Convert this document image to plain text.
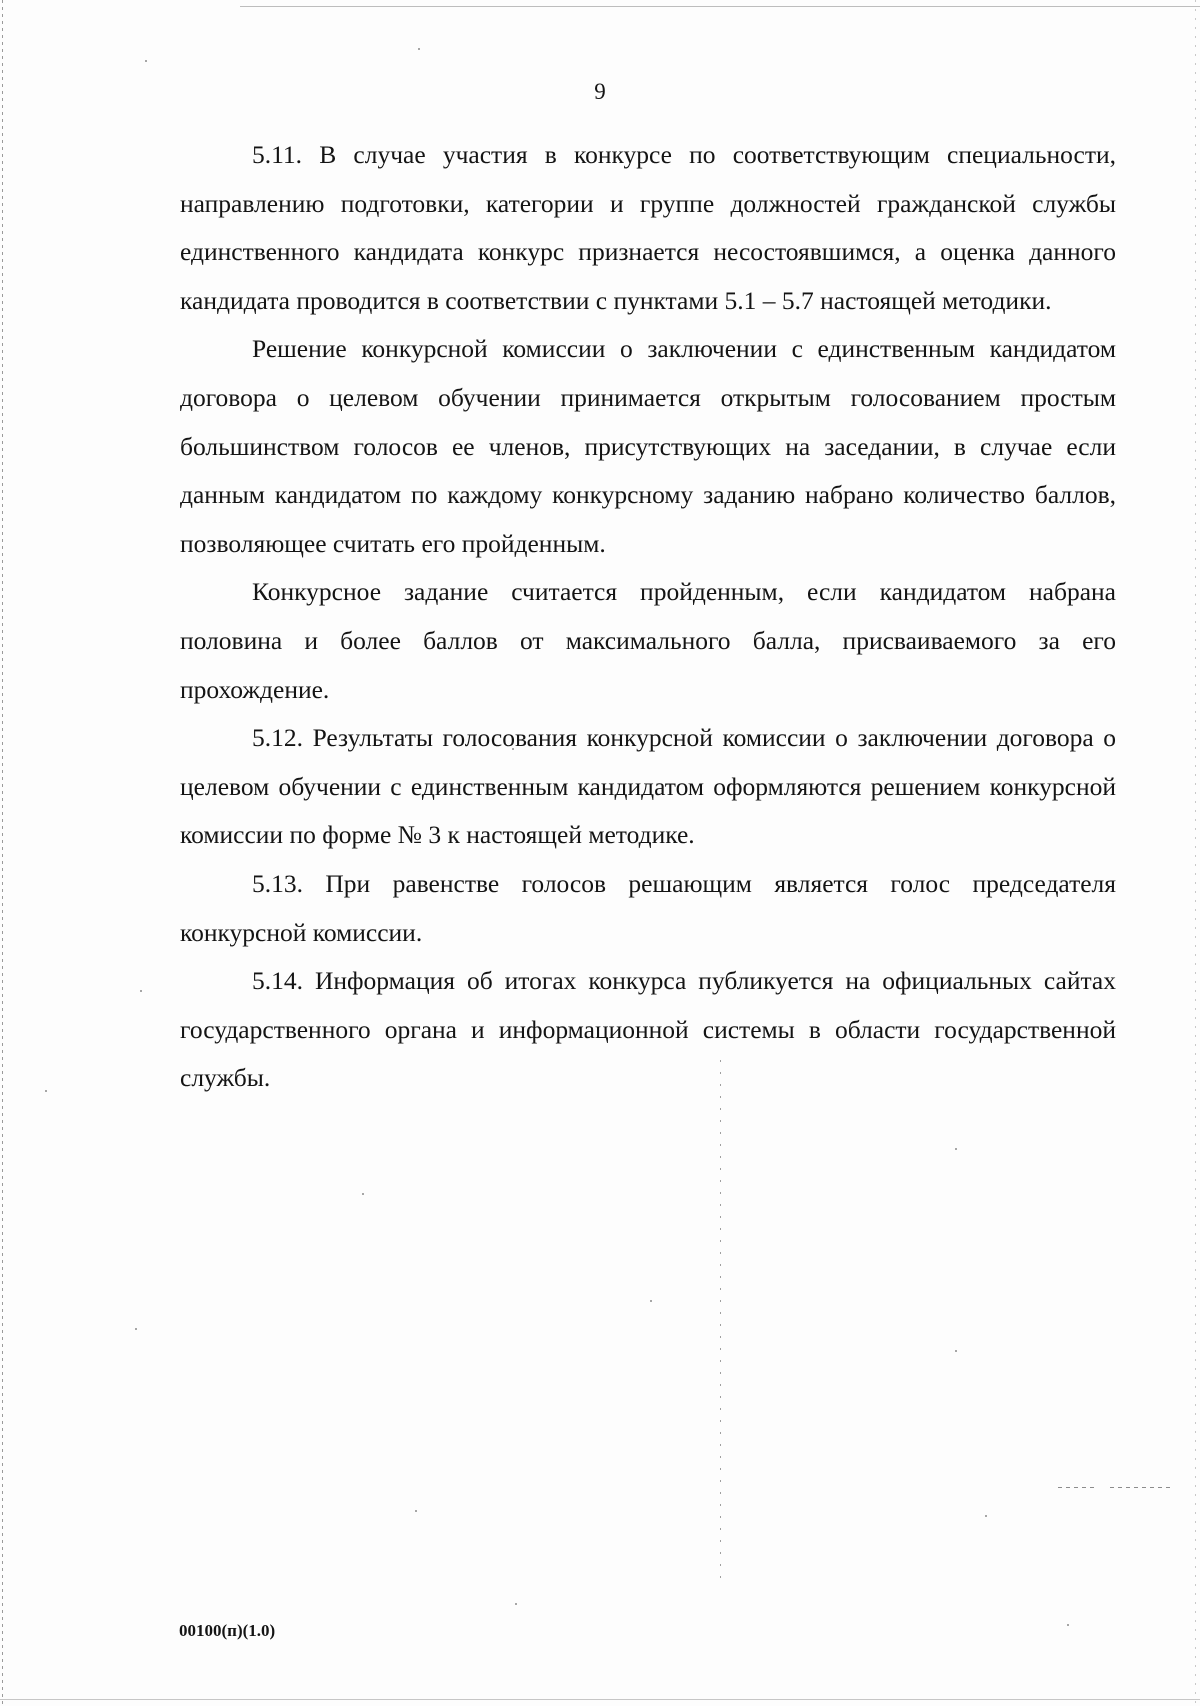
9

5.11. В случае участия в конкурсе по соответствующим специальности, направлению подготовки, категории и группе должностей гражданской службы единственного кандидата конкурс признается несостоявшимся, а оценка данного кандидата проводится в соответствии с пунктами 5.1 – 5.7 настоящей методики.

Решение конкурсной комиссии о заключении с единственным кандидатом договора о целевом обучении принимается открытым голосованием простым большинством голосов ее членов, присутствующих на заседании, в случае если данным кандидатом по каждому конкурсному заданию набрано количество баллов, позволяющее считать его пройденным.

Конкурсное задание считается пройденным, если кандидатом набрана половина и более баллов от максимального балла, присваиваемого за его прохождение.

5.12. Результаты голосования конкурсной комиссии о заключении договора о целевом обучении с единственным кандидатом оформляются решением конкурсной комиссии по форме № 3 к настоящей методике.

5.13. При равенстве голосов решающим является голос председателя конкурсной комиссии.

5.14. Информация об итогах конкурса публикуется на официальных сайтах государственного органа и информационной системы в области государственной службы.

00100(п)(1.0)
